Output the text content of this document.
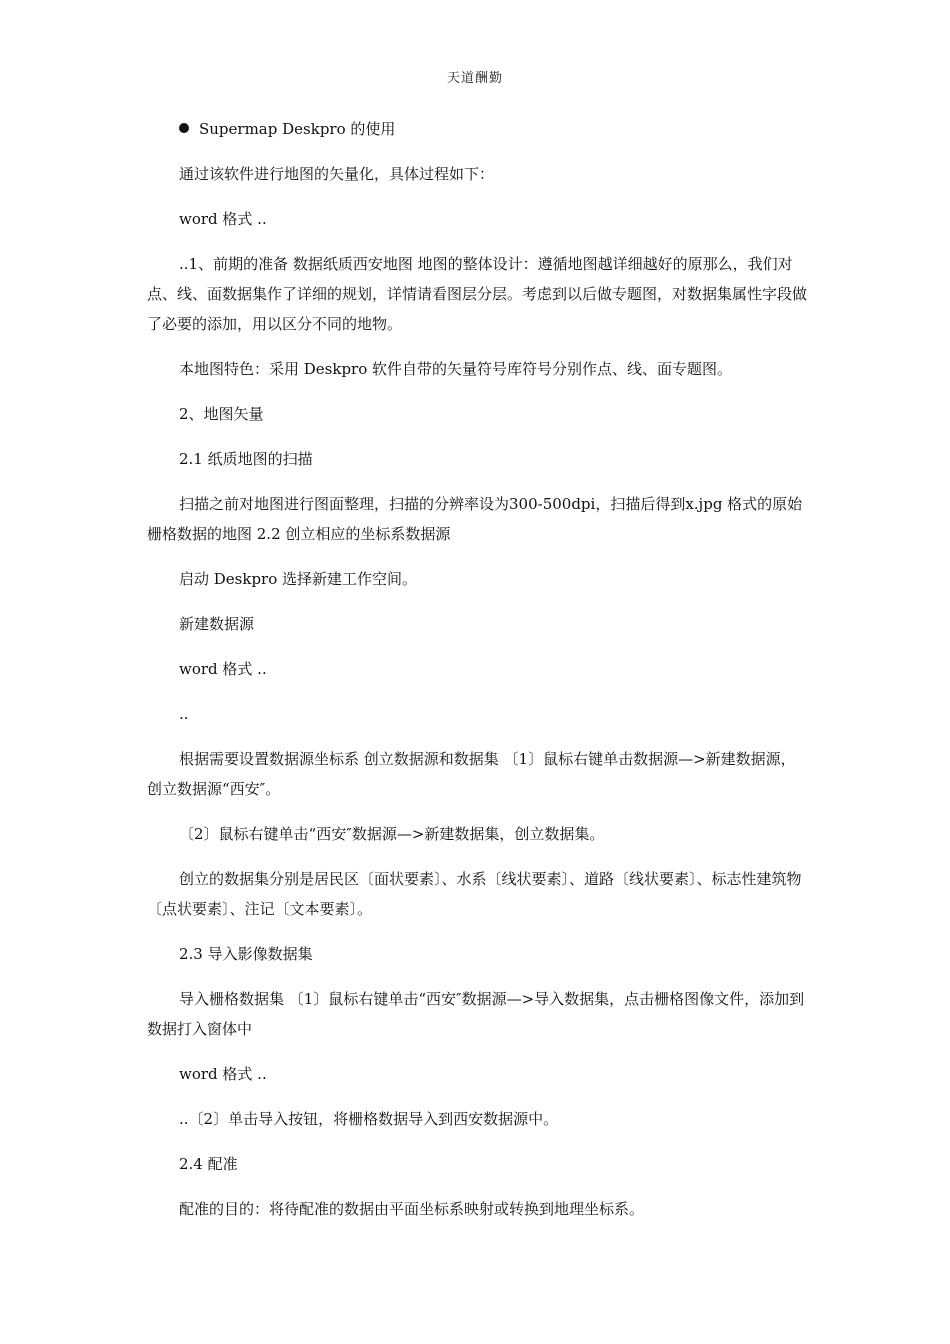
天道酬勤

Supermap Deskpro 的使用

通过该软件进行地图的矢量化，具体过程如下：

word 格式 ..

..1、前期的准备 数据纸质西安地图 地图的整体设计：遵循地图越详细越好的原那么，我们对点、线、面数据集作了详细的规划，详情请看图层分层。考虑到以后做专题图，对数据集属性字段做了必要的添加，用以区分不同的地物。

本地图特色：采用 Deskpro 软件自带的矢量符号库符号分别作点、线、面专题图。

2、地图矢量

2.1 纸质地图的扫描

扫描之前对地图进行图面整理，扫描的分辨率设为300-500dpi，扫描后得到x.jpg 格式的原始栅格数据的地图 2.2 创立相应的坐标系数据源

启动 Deskpro 选择新建工作空间。

新建数据源

word 格式 ..

..

根据需要设置数据源坐标系 创立数据源和数据集 〔1〕鼠标右键单击数据源—>新建数据源，创立数据源“西安″。

〔2〕鼠标右键单击“西安″数据源—>新建数据集，创立数据集。

创立的数据集分别是居民区〔面状要素〕、水系〔线状要素〕、道路〔线状要素〕、标志性建筑物〔点状要素〕、注记〔文本要素〕。

2.3 导入影像数据集

导入栅格数据集 〔1〕鼠标右键单击“西安″数据源—>导入数据集，点击栅格图像文件，添加到数据打入窗体中

word 格式 ..

..〔2〕单击导入按钮，将栅格数据导入到西安数据源中。

2.4 配准

配准的目的：将待配准的数据由平面坐标系映射或转换到地理坐标系。
